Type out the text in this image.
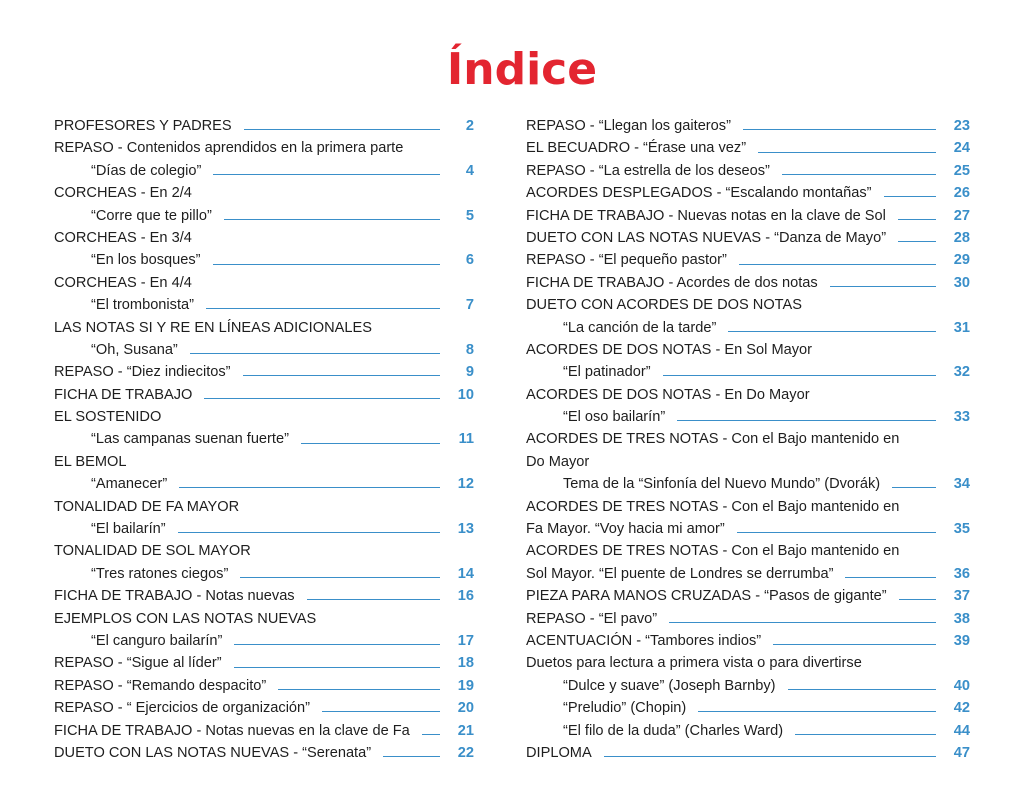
Índice
PROFESORES Y PADRES	2
REPASO - Contenidos aprendidos en la primera parte
“Días de colegio”	4
CORCHEAS - En 2/4
“Corre que te pillo”	5
CORCHEAS - En 3/4
“En los bosques”	6
CORCHEAS - En 4/4
“El trombonista”	7
LAS NOTAS SI Y RE EN LÍNEAS ADICIONALES
“Oh, Susana”	8
REPASO - “Diez indiecitos”	9
FICHA DE TRABAJO	10
EL SOSTENIDO
“Las campanas suenan fuerte”	11
EL BEMOL
“Amanecer”	12
TONALIDAD DE FA MAYOR
“El bailarín”	13
TONALIDAD DE SOL MAYOR
“Tres ratones ciegos”	14
FICHA DE TRABAJO - Notas nuevas	16
EJEMPLOS CON LAS NOTAS NUEVAS
“El canguro bailarín”	17
REPASO - “Sigue al líder”	18
REPASO - “Remando despacito”	19
REPASO - “ Ejercicios de organización”	20
FICHA DE TRABAJO - Notas nuevas en la clave de Fa	21
DUETO CON LAS NOTAS NUEVAS - “Serenata”	22
REPASO - “Llegan los gaiteros”	23
EL BECUADRO - “Érase una vez”	24
REPASO - “La estrella de los deseos”	25
ACORDES DESPLEGADOS - “Escalando montañas”	26
FICHA DE TRABAJO - Nuevas notas en la clave de Sol	27
DUETO CON LAS NOTAS NUEVAS - “Danza de Mayo”	28
REPASO - “El pequeño pastor”	29
FICHA DE TRABAJO - Acordes de dos notas	30
DUETO CON ACORDES DE DOS NOTAS
“La canción de la tarde”	31
ACORDES DE DOS NOTAS - En Sol Mayor
“El patinador”	32
ACORDES DE DOS NOTAS - En Do Mayor
“El oso bailarín”	33
ACORDES DE TRES NOTAS - Con el Bajo mantenido en
Do Mayor
Tema de la “Sinfonía del Nuevo Mundo” (Dvorák)	34
ACORDES DE TRES NOTAS - Con el Bajo mantenido en
Fa Mayor. “Voy hacia mi amor”	35
ACORDES DE TRES NOTAS - Con el Bajo mantenido en
Sol Mayor. “El puente de Londres se derrumba”	36
PIEZA PARA MANOS CRUZADAS - “Pasos de gigante”	37
REPASO - “El pavo”	38
ACENTUACIÓN - “Tambores indios”	39
Duetos para lectura a primera vista o para divertirse
“Dulce y suave” (Joseph Barnby)	40
“Preludio” (Chopin)	42
“El filo de la duda” (Charles Ward)	44
DIPLOMA	47
